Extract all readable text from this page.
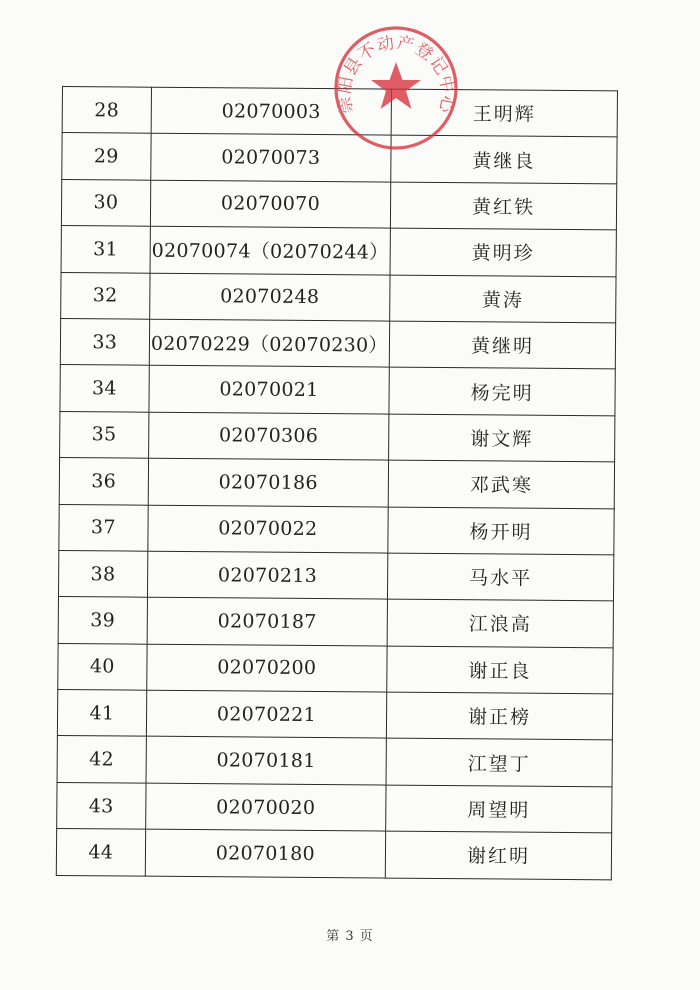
28	02070003	王明辉
29	02070073	黄继良
30	02070070	黄红铁
31	02070074（02070244）	黄明珍
32	02070248	黄涛
33	02070229（02070230）	黄继明
34	02070021	杨完明
35	02070306	谢文辉
36	02070186	邓武寒
37	02070022	杨开明
38	02070213	马水平
39	02070187	江浪高
40	02070200	谢正良
41	02070221	谢正榜
42	02070181	江望丁
43	02070020	周望明
44	02070180	谢红明
崇阳县不动产登记中心
第 3 页
